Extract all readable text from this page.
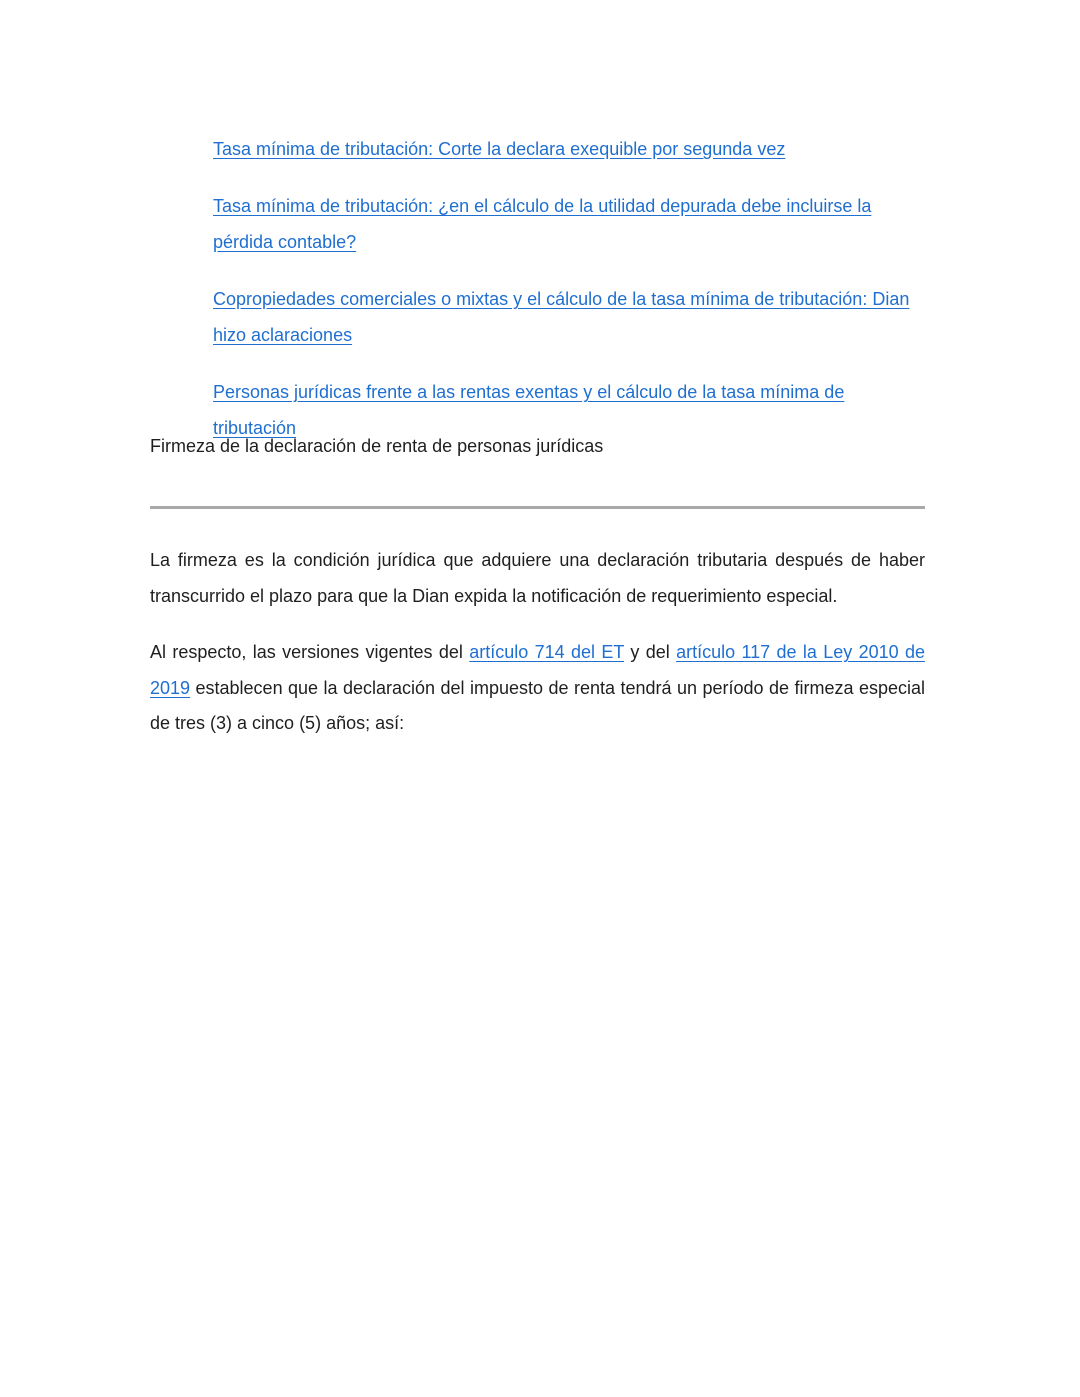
Tasa mínima de tributación: Corte la declara exequible por segunda vez
Tasa mínima de tributación: ¿en el cálculo de la utilidad depurada debe incluirse la pérdida contable?
Copropiedades comerciales o mixtas y el cálculo de la tasa mínima de tributación: Dian hizo aclaraciones
Personas jurídicas frente a las rentas exentas y el cálculo de la tasa mínima de tributación
Firmeza de la declaración de renta de personas jurídicas

La firmeza es la condición jurídica que adquiere una declaración tributaria después de haber transcurrido el plazo para que la Dian expida la notificación de requerimiento especial.

Al respecto, las versiones vigentes del artículo 714 del ET y del artículo 117 de la Ley 2010 de 2019 establecen que la declaración del impuesto de renta tendrá un período de firmeza especial de tres (3) a cinco (5) años; así:
